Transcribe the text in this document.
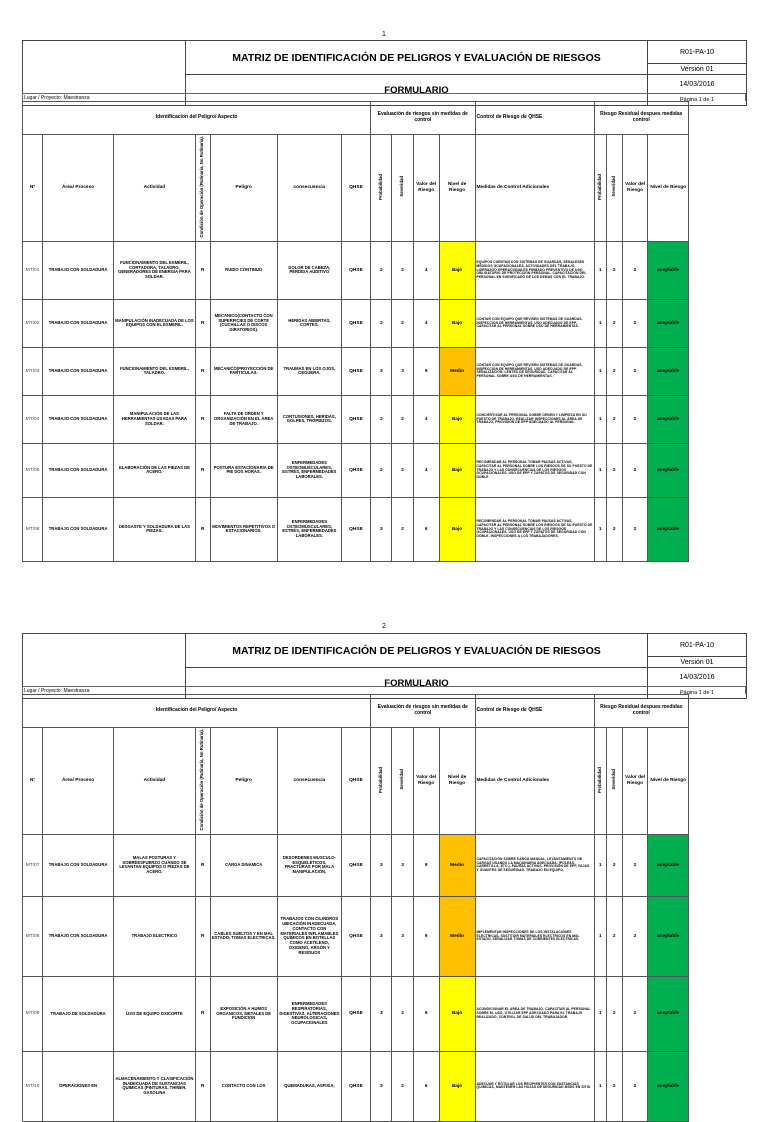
1
	MATRIZ DE IDENTIFICACIÓN DE PELIGROS Y EVALUACIÓN DE RIESGOS	R01-PA-10
		Versión 01
	FORMULARIO	14/03/2016
		Página 1 de 1
Lugar / Proyecto: Maestranza
Identificacion del Peligro/ Aspecto							Evaluación de riesgos sin medidas de control				Control de Riesgo de QHSE	Riesgo Residual despues medidas control			
N°	Área/ Proceso	Actividad	Condición de Operación (Rutinaria, No Rutinaria).	Peligro	consecuencia	QHSE	Probabilidad	Severidad	Valor del Riesgo	Nivel de Riesgo	Medidas de Control Adicionales	Probabilidad	Severidad	Valor del Riesgo	Nivel de Riesgo
MT/01	TRABAJO CON SOLDADURA	FUNCIONAMIENTO DEL ESMERIL, CORTADORA, TALADRO, GENERADORES DE ENERGIA PARA SOLDAR.	R	RUIDO CONTINUO	DOLOR DE CABEZA, PÉRDIDA AUDITIVO	QHSE	2	2	4	Bajo	EQUIPOS CUENTAN CON SISTEMAS DE GUARDAS, SENALESES MEDIDOS OCUPACIONALES, ACTIVIDADES DEL TRABAJO, LIDERAZGO OPERACIONALES FIRMADO PREVENTIVO DE USO OBLIGATORIO DE PROTECCIÓN PERSONAL. CAPACITACIÓN DEL PERSONAL EN SIGNIFICADO DE LOS DEMAS CON EL TRABAJO.	1	2	2	aceptable
MT/02	TRABAJO CON SOLDADURA	MANIPULACIÓN INADECUADA DE LOS EQUIPOS CON EL ESMERIL.	R	MECANICO(CONTACTO CON SUPERFICIES DE CORTE (CUCHILLAS O DISCOS GIRATORIOS).	HERIDAS ABIERTAS, CORTES.	QHSE	2	2	4	Bajo	CONTAR CON EQUIPO QUE REVISEN SISTEMAS DE GUARDAS. INSPECCIÓN DE HERRAMIENTAS. USO ADECUADO DE EPP. CAPACITAR AL PERSONAL SOBRE USO DE HERRAMIENTAS.	1	2	2	aceptable
MT/03	TRABAJO CON SOLDADURA	FUNCIONAMIENTO DEL ESMERIL, TALADRO.	R	MECANICO(PROYECCIÓN DE PARTICULAS.	TRAUMAS EN LOS OJOS, CEGUERA.	QHSE	3	3	9	Medio	CONTAR CON EQUIPO QUE REVISEN SISTEMAS DE GUARDAS. INSPECCIÓN DE HERRAMIENTAS. USO ADECUADO DE EPP. SEÑALIZACIÓN, LENTES DE SEGURIDAD. CAPACITAR AL PERSONAL SOBRE USO DE HERRAMIENTAS.	1	2	2	aceptable
MT/04	TRABAJO CON SOLDADURA	MANIPULACIÓN DE LAS HERRAMIENTAS USADAS PARA SOLDAR.	R	FALTA DE ORDEN Y ORGANIZACIÓN EN EL ÁREA DE TRABAJO.	CONTUSIONES, HERIDAS, GOLPES, TROPIEZOS.	QHSE	2	2	4	Bajo	CONCIENTIZAR AL PERSONAL SOBRE ORDEN Y LIMPIEZA EN SU PUESTO DE TRABAJO, REALIZAR INSPECCIONES AL ÁREA DE TRABAJO, PROVISIÓN DE EPP ADECUADO AL PERSONAL.	1	2	2	aceptable
MT/05	TRABAJO CON SOLDADURA	ELABORACIÓN DE LAS PIEZAS DE ACERO.	R	POSTURA ESTACIONARIA DE PIE DOS HORAS.	ENFERMEDADES OSTEOMUSCULARES, ESTRÉS, ENFERMEDADES LABORALES.	QHSE	2	2	4	Bajo	RECOMENDAR AL PERSONAL TOMAR PAUSAS ACTIVAS, CAPACITAR AL PERSONAL SOBRE LOS RIESGOS DE SU PUESTO DE TRABAJO Y LAS CONSECUENCIAS DE LOS RIESGOS OCUPACIONALES. USO DE EPP Y ZAPATOS DE SEGURIDAD CON DOBLE	1	2	2	aceptable
MT/06	TRABAJO CON SOLDADURA	DESGASTE Y SOLDADURA DE LAS PIEZAS.	R	MOVIMIENTOS REPETITIVOS O ESTACIONARIOS.	ENFERMEDADES OSTEOMUSCULARES, ESTRÉS, ENFERMEDADES LABORALES.	QHSE	3	2	6	Bajo	RECOMENDAR AL PERSONAL TOMAR PAUSAS ACTIVAS, CAPACITAR AL PERSONAL SOBRE LOS RIESGOS DE SU PUESTO DE TRABAJO Y LAS CONSECUENCIAS DE LOS RIESGOS OCUPACIONALES. USO DE EPP Y ZAPATOS DE SEGURIDAD CON DOBLE. INSPECCIONES A LOS TRABAJADORES.	1	2	2	aceptable
2
	MATRIZ DE IDENTIFICACIÓN DE PELIGROS Y EVALUACIÓN DE RIESGOS	R01-PA-10
		Versión 01
	FORMULARIO	14/03/2016
		Página 1 de 1
Lugar / Proyecto: Maestranza
Identificacion del Peligro/ Aspecto							Evaluación de riesgos sin medidas de control				Control de Riesgo de QHSE	Riesgo Residual despues medidas control			
N°	Área/ Proceso	Actividad	Condición de Operación (Rutinaria, No Rutinaria).	Peligro	consecuencia	QHSE	Probabilidad	Severidad	Valor del Riesgo	Nivel de Riesgo	Medidas de Control Adicionales	Probabilidad	Severidad	Valor del Riesgo	Nivel de Riesgo
MT/07	TRABAJO CON SOLDADURA	MALAS POSTURAS Y SOBREESFUERZO CUANDO SE LEVANTAN EQUIPOS O PIEZAS DE ACERO.	R	CARGA DINAMICA	DESORDENES MUSCULO-ESQUELÉTICOS, FRACTURAS POR MALA MANIPULACIÓN.	QHSE	3	3	9	Medio	CAPACITACIÓN SOBRE CARGA MANUAL. LEVANTAMIENTO DE CARGAS USANDO LA MAQUINARIA ADECUADA. (POLEAS, CARRETILLA, ETC.). PAUSAS ACTIVAS. PROVISIÓN DE EPP, FAJAS Y GUANTES DE SEGURIDAD. TRABAJO EN EQUIPO.	1	2	2	aceptable
MT/08	TRABAJO CON SOLDADURA	TRABAJO ELECTRICO	R	CABLES SUELTOS Y EN MAL ESTADO, TOMAS ELECTRICAS.	TRABAJOS CON CILINDROS UBICACIÓN INADECUADA, CONTACTO CON MATERIALES INFLAMABLES QUÍMICOS EN BOTELLAS COMO ACETILENO, OXIGENO, ARGÓN Y RESIDUOS	QHSE	3	3	9	Medio	IMPLEMENTAR INSPECCIONES DE LOS INSTALACIONES ELECTRICAS. SUSTITUIR MATERIALES ELECTRICOS EN MAL ESTADO, SEÑALIZAR TOMAS DE CORRIENTES ELECTRICAS.	1	2	2	aceptable
MT/09	TRABAJO DE SOLDADURA	USO DE EQUIPO OXICORTE	R	EXPOSICIÓN A HUMOS ORGANICOS, METALES DE FUNDICIÓN	ENFERMEDADES RESPIRATORIAS, DIGESTIVAS, ALTERACIONES NEUROLOGICAS, OCUPACIONALES	QHSE	3	2	6	Bajo	ACONDICIONAR EL AREA DE TRABAJO, CAPACITAR AL PERSONAL SOBRE EL USO, UTILIZAR EPP ADECUADO PARA EL TRABAJO REALIZADO, CONTROL DE SALUD DEL TRABAJADOR.	1	2	2	aceptable
MT/10	OPERACIONES EN	ALMACENAMIENTO Y CLASIFICACIÓN INADECUADA DE SUSTANCIAS QUIMICAS (PINTURAS, THINER, GASOLINA	R	CONTACTO CON LOS	QUEMADURAS, ASFIXIA,	QHSE	3	2	6	Bajo	ADECUAR Y ROTULAR LOS RECIPIENTES CON SUSTANCIAS QUIMICAS, MANTENER LAS HOJAS DE SEGURIDAD MSDS EN SITIO	1	2	2	aceptable
